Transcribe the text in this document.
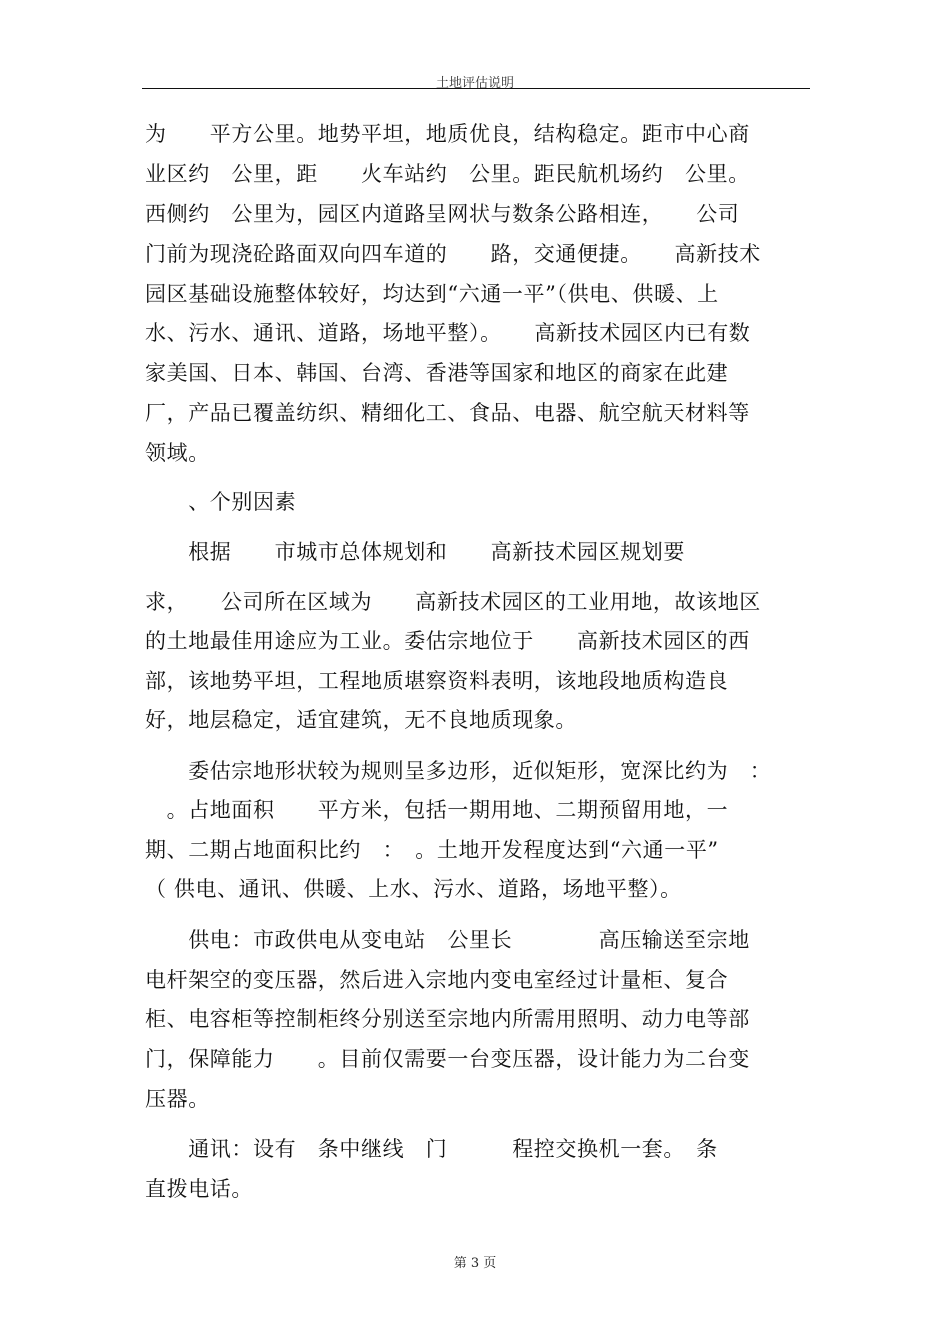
土地评估说明
为　　平方公里。地势平坦，地质优良，结构稳定。距市中心商
业区约　公里，距　　火车站约　公里。距民航机场约　公里。
西侧约　公里为，园区内道路呈网状与数条公路相连，　　公司
门前为现浇砼路面双向四车道的　　路，交通便捷。　　高新技术
园区基础设施整体较好，均达到“六通一平”（供电、供暖、上
水、污水、通讯、道路，场地平整）。　　高新技术园区内已有数
家美国、日本、韩国、台湾、香港等国家和地区的商家在此建
厂，产品已覆盖纺织、精细化工、食品、电器、航空航天材料等
领域。
　　、个别因素
　　根据　　市城市总体规划和　　高新技术园区规划要
求，　　公司所在区域为　　高新技术园区的工业用地，故该地区
的土地最佳用途应为工业。委估宗地位于　　高新技术园区的西
部，该地势平坦，工程地质堪察资料表明，该地段地质构造良
好，地层稳定，适宜建筑，无不良地质现象。
　　委估宗地形状较为规则呈多边形，近似矩形，宽深比约为　：
　。占地面积　　平方米，包括一期用地、二期预留用地，一
期、二期占地面积比约　：　。土地开发程度达到“六通一平”
（ 供电、通讯、供暖、上水、污水、道路，场地平整）。
　　供电：市政供电从变电站　公里长　　　　高压输送至宗地
电杆架空的变压器，然后进入宗地内变电室经过计量柜、复合
柜、电容柜等控制柜终分别送至宗地内所需用照明、动力电等部
门，保障能力　　。目前仅需要一台变压器，设计能力为二台变
压器。
　　通讯：设有　条中继线　门　　　程控交换机一套。　条
直拨电话。
第 3 页
